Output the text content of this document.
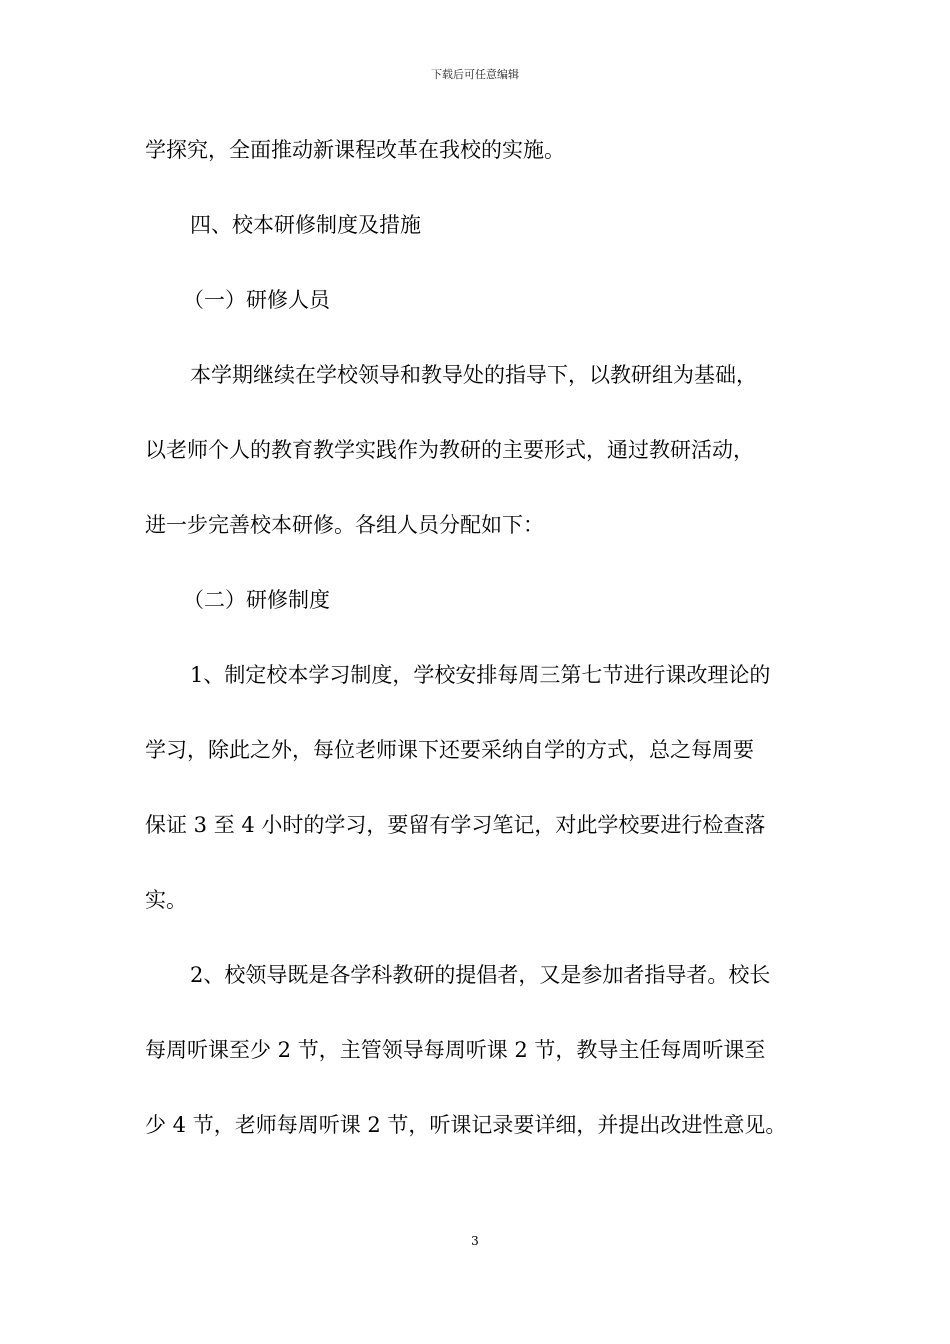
下载后可任意编辑
学探究，全面推动新课程改革在我校的实施。
四、校本研修制度及措施
（一）研修人员
本学期继续在学校领导和教导处的指导下，以教研组为基础，
以老师个人的教育教学实践作为教研的主要形式，通过教研活动，
进一步完善校本研修。各组人员分配如下：
（二）研修制度
1、制定校本学习制度，学校安排每周三第七节进行课改理论的
学习，除此之外，每位老师课下还要采纳自学的方式，总之每周要
保证 3 至 4 小时的学习，要留有学习笔记，对此学校要进行检查落
实。
2、校领导既是各学科教研的提倡者，又是参加者指导者。校长
每周听课至少 2 节，主管领导每周听课 2 节，教导主任每周听课至
少 4 节，老师每周听课 2 节，听课记录要详细，并提出改进性意见。
3
